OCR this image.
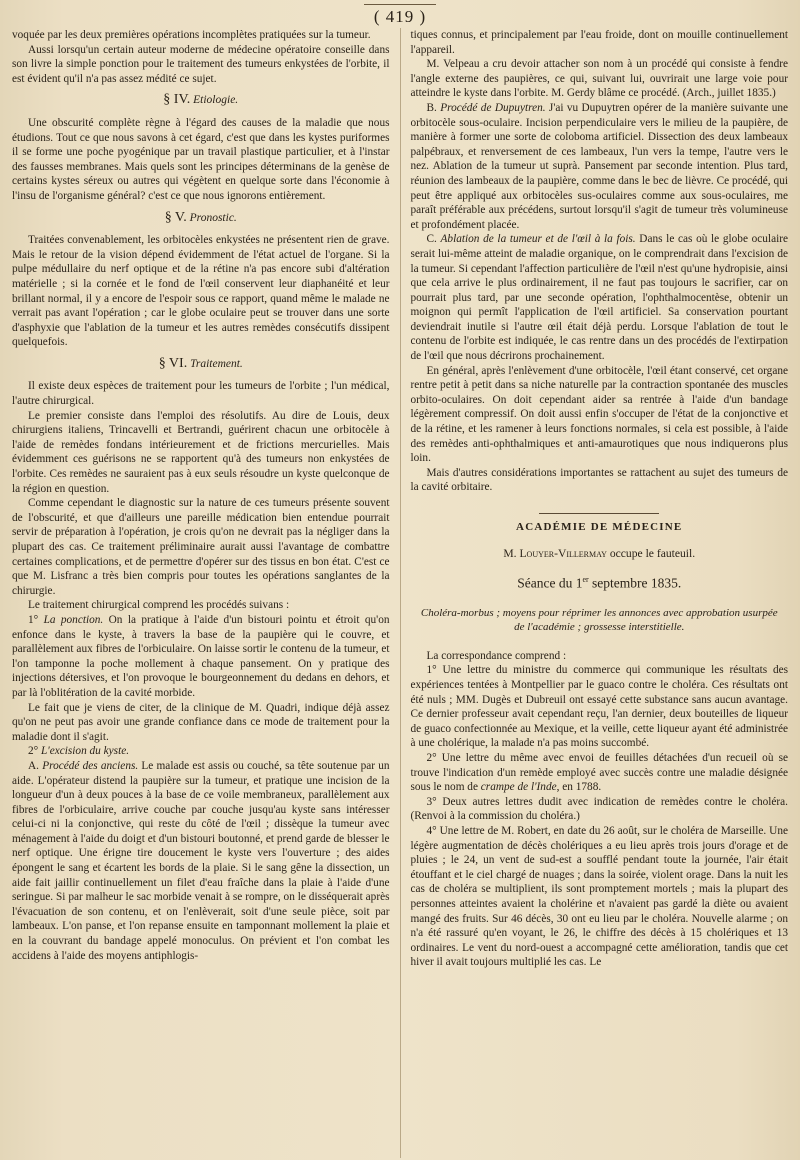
( 419 )

voquée par les deux premières opérations incomplètes pratiquées sur la tumeur.

Aussi lorsqu'un certain auteur moderne de médecine opératoire conseille dans son livre la simple ponction pour le traitement des tumeurs enkystées de l'orbite, il est évident qu'il n'a pas assez médité ce sujet.

§ IV. Etiologie.

Une obscurité complète règne à l'égard des causes de la maladie que nous étudions. Tout ce que nous savons à cet égard, c'est que dans les kystes puriformes il se forme une poche pyogénique par un travail plastique particulier, et à l'instar des fausses membranes. Mais quels sont les principes déterminans de la genèse de certains kystes séreux ou autres qui végètent en quelque sorte dans l'économie à l'insu de l'organisme général? c'est ce que nous ignorons entièrement.

§ V. Pronostic.

Traitées convenablement, les orbitocèles enkystées ne présentent rien de grave. Mais le retour de la vision dépend évidemment de l'état actuel de l'organe. Si la pulpe médullaire du nerf optique et de la rétine n'a pas encore subi d'altération matérielle ; si la cornée et le fond de l'œil conservent leur diaphanéité et leur brillant normal, il y a encore de l'espoir sous ce rapport, quand même le malade ne verrait pas avant l'opération ; car le globe oculaire peut se trouver dans une sorte d'asphyxie que l'ablation de la tumeur et les autres remèdes consécutifs dissipent quelquefois.

§ VI. Traitement.

Il existe deux espèces de traitement pour les tumeurs de l'orbite ; l'un médical, l'autre chirurgical.

Le premier consiste dans l'emploi des résolutifs. Au dire de Louis, deux chirurgiens italiens, Trincavelli et Bertrandi, guérirent chacun une orbitocèle à l'aide de remèdes fondans intérieurement et de frictions mercurielles. Mais évidemment ces guérisons ne se rapportent qu'à des tumeurs non enkystées de l'orbite. Ces remèdes ne sauraient pas à eux seuls résoudre un kyste quelconque de la région en question.

Comme cependant le diagnostic sur la nature de ces tumeurs présente souvent de l'obscurité, et que d'ailleurs une pareille médication bien entendue pourrait servir de préparation à l'opération, je crois qu'on ne devrait pas la négliger dans la plupart des cas. Ce traitement préliminaire aurait aussi l'avantage de combattre certaines complications, et de permettre d'opérer sur des tissus en bon état. C'est ce que M. Lisfranc a très bien compris pour toutes les opérations sanglantes de la chirurgie.

Le traitement chirurgical comprend les procédés suivans :

1° La ponction. On la pratique à l'aide d'un bistouri pointu et étroit qu'on enfonce dans le kyste, à travers la base de la paupière qui le couvre, et parallèlement aux fibres de l'orbiculaire. On laisse sortir le contenu de la tumeur, et l'on tamponne la poche mollement à chaque pansement. On y pratique des injections détersives, et l'on provoque le bourgeonnement du dedans en dehors, et par là l'oblitération de la cavité morbide.

Le fait que je viens de citer, de la clinique de M. Quadri, indique déjà assez qu'on ne peut pas avoir une grande confiance dans ce mode de traitement pour la maladie dont il s'agit.

2° L'excision du kyste.

A. Procédé des anciens. Le malade est assis ou couché, sa tête soutenue par un aide. L'opérateur distend la paupière sur la tumeur, et pratique une incision de la longueur d'un à deux pouces à la base de ce voile membraneux, parallèlement aux fibres de l'orbiculaire, arrive couche par couche jusqu'au kyste sans intéresser celui-ci ni la conjonctive, qui reste du côté de l'œil ; dissèque la tumeur avec ménagement à l'aide du doigt et d'un bistouri boutonné, et prend garde de blesser le nerf optique. Une érigne tire doucement le kyste vers l'ouverture ; des aides épongent le sang et écartent les bords de la plaie. Si le sang gêne la dissection, un aide fait jaillir continuellement un filet d'eau fraîche dans la plaie à l'aide d'une seringue. Si par malheur le sac morbide venait à se rompre, on le disséquerait après l'évacuation de son contenu, et on l'enlèverait, soit d'une seule pièce, soit par lambeaux. L'on panse, et l'on repanse ensuite en tamponnant mollement la plaie et en la couvrant du bandage appelé monoculus. On prévient et l'on combat les accidens à l'aide des moyens antiphlogis-

tiques connus, et principalement par l'eau froide, dont on mouille continuellement l'appareil.

M. Velpeau a cru devoir attacher son nom à un procédé qui consiste à fendre l'angle externe des paupières, ce qui, suivant lui, ouvrirait une large voie pour atteindre le kyste dans l'orbite. M. Gerdy blâme ce procédé. (Arch., juillet 1835.)

B. Procédé de Dupuytren. J'ai vu Dupuytren opérer de la manière suivante une orbitocèle sous-oculaire. Incision perpendiculaire vers le milieu de la paupière, de manière à former une sorte de coloboma artificiel. Dissection des deux lambeaux palpébraux, et renversement de ces lambeaux, l'un vers la tempe, l'autre vers le nez. Ablation de la tumeur ut suprà. Pansement par seconde intention. Plus tard, réunion des lambeaux de la paupière, comme dans le bec de lièvre. Ce procédé, qui peut être appliqué aux orbitocèles sus-oculaires comme aux sous-oculaires, me paraît préférable aux précédens, surtout lorsqu'il s'agit de tumeur très volumineuse et profondément placée.

C. Ablation de la tumeur et de l'œil à la fois. Dans le cas où le globe oculaire serait lui-même atteint de maladie organique, on le comprendrait dans l'excision de la tumeur. Si cependant l'affection particulière de l'œil n'est qu'une hydropisie, ainsi que cela arrive le plus ordinairement, il ne faut pas toujours le sacrifier, car on pourrait plus tard, par une seconde opération, l'ophthalmocentèse, obtenir un moignon qui permît l'application de l'œil artificiel. Sa conservation pourtant deviendrait inutile si l'autre œil était déjà perdu. Lorsque l'ablation de tout le contenu de l'orbite est indiquée, le cas rentre dans un des procédés de l'extirpation de l'œil que nous décrirons prochainement.

En général, après l'enlèvement d'une orbitocèle, l'œil étant conservé, cet organe rentre petit à petit dans sa niche naturelle par la contraction spontanée des muscles orbito-oculaires. On doit cependant aider sa rentrée à l'aide d'un bandage légèrement compressif. On doit aussi enfin s'occuper de l'état de la conjonctive et de la rétine, et les ramener à leurs fonctions normales, si cela est possible, à l'aide des remèdes anti-ophthalmiques et anti-amaurotiques que nous indiquerons plus loin.

Mais d'autres considérations importantes se rattachent au sujet des tumeurs de la cavité orbitaire.

ACADÉMIE DE MÉDECINE
M. Louyer-Villermay occupe le fauteuil.
Séance du 1er septembre 1835.
Choléra-morbus ; moyens pour réprimer les annonces avec approbation usurpée de l'académie ; grossesse interstitielle.

La correspondance comprend :

1° Une lettre du ministre du commerce qui communique les résultats des expériences tentées à Montpellier par le guaco contre le choléra. Ces résultats ont été nuls ; MM. Dugès et Dubreuil ont essayé cette substance sans aucun avantage. Ce dernier professeur avait cependant reçu, l'an dernier, deux bouteilles de liqueur de guaco confectionnée au Mexique, et la veille, cette liqueur ayant été administrée à une cholérique, la malade n'a pas moins succombé.

2° Une lettre du même avec envoi de feuilles détachées d'un recueil où se trouve l'indication d'un remède employé avec succès contre une maladie désignée sous le nom de crampe de l'Inde, en 1788.

3° Deux autres lettres dudit avec indication de remèdes contre le choléra. (Renvoi à la commission du choléra.)

4° Une lettre de M. Robert, en date du 26 août, sur le choléra de Marseille. Une légère augmentation de décès cholériques a eu lieu après trois jours d'orage et de pluies ; le 24, un vent de sud-est a soufflé pendant toute la journée, l'air était étouffant et le ciel chargé de nuages ; dans la soirée, violent orage. Dans la nuit les cas de choléra se multiplient, ils sont promptement mortels ; mais la plupart des personnes atteintes avaient la cholérine et n'avaient pas gardé la diète ou avaient mangé des fruits. Sur 46 décès, 30 ont eu lieu par le choléra. Nouvelle alarme ; on n'a été rassuré qu'en voyant, le 26, le chiffre des décès à 15 cholériques et 13 ordinaires. Le vent du nord-ouest a accompagné cette amélioration, tandis que cet hiver il avait toujours multiplié les cas. Le
